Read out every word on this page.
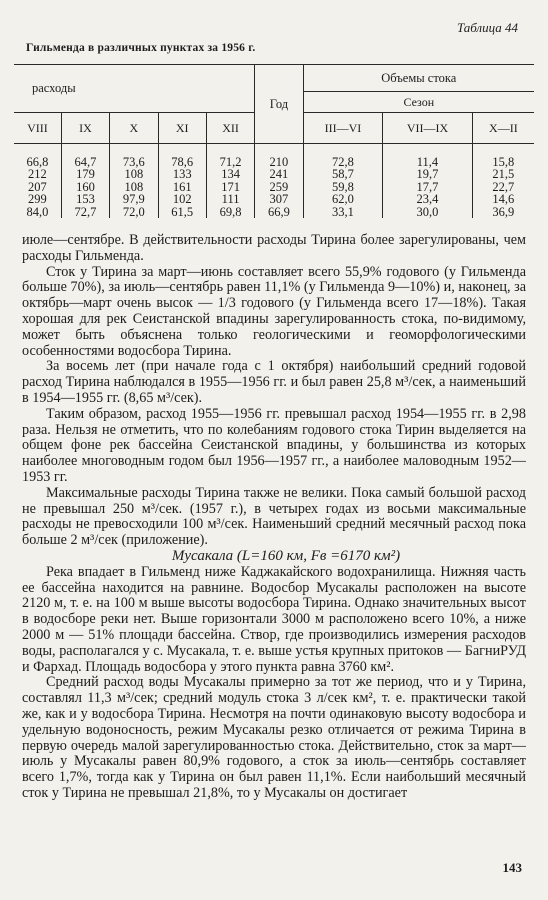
Таблица 44
Гильменда в различных пунктах за 1956 г.
расходы					Год	Объемы стока		
						Сезон		
VIII	IX	X	XI	XII		III—VI	VII—IX	X—II
66,8	64,7	73,6	78,6	71,2	210	72,8	11,4	15,8
212	179	108	133	134	241	58,7	19,7	21,5
207	160	108	161	171	259	59,8	17,7	22,7
299	153	97,9	102	111	307	62,0	23,4	14,6
84,0	72,7	72,0	61,5	69,8	66,9	33,1	30,0	36,9

июле—сентябре. В действительности расходы Тирина более зарегулированы, чем расходы Гильменда.

Сток у Тирина за март—июнь составляет всего 55,9% годового (у Гильменда больше 70%), за июль—сентябрь равен 11,1% (у Гильменда 9—10%) и, наконец, за октябрь—март очень высок — 1/3 годового (у Гильменда всего 17—18%). Такая хорошая для рек Сеистанской впадины зарегулированность стока, по-видимому, может быть объяснена только геологическими и геоморфологическими особенностями водосбора Тирина.

За восемь лет (при начале года с 1 октября) наибольший средний годовой расход Тирина наблюдался в 1955—1956 гг. и был равен 25,8 м³/сек, а наименьший в 1954—1955 гг. (8,65 м³/сек).

Таким образом, расход 1955—1956 гг. превышал расход 1954—1955 гг. в 2,98 раза. Нельзя не отметить, что по колебаниям годового стока Тирин выделяется на общем фоне рек бассейна Сеистанской впадины, у большинства из которых наиболее многоводным годом был 1956—1957 гг., а наиболее маловодным 1952—1953 гг.

Максимальные расходы Тирина также не велики. Пока самый большой расход не превышал 250 м³/сек. (1957 г.), в четырех годах из восьми максимальные расходы не превосходили 100 м³/сек. Наименьший средний месячный расход пока больше 2 м³/сек (приложение).

Мусакала (L=160 км, Fв =6170 км²)

Река впадает в Гильменд ниже Каджакайского водохранилища. Нижняя часть ее бассейна находится на равнине. Водосбор Мусакалы расположен на высоте 2120 м, т. е. на 100 м выше высоты водосбора Тирина. Однако значительных высот в водосборе реки нет. Выше горизонтали 3000 м расположено всего 10%, а ниже 2000 м — 51% площади бассейна. Створ, где производились измерения расходов воды, располагался у с. Мусакала, т. е. выше устья крупных притоков — БагниРУД и Фархад. Площадь водосбора у этого пункта равна 3760 км².

Средний расход воды Мусакалы примерно за тот же период, что и у Тирина, составлял 11,3 м³/сек; средний модуль стока 3 л/сек км², т. е. практически такой же, как и у водосбора Тирина. Несмотря на почти одинаковую высоту водосбора и удельную водоносность, режим Мусакалы резко отличается от режима Тирина в первую очередь малой зарегулированностью стока. Действительно, сток за март—июль у Мусакалы равен 80,9% годового, а сток за июль—сентябрь составляет всего 1,7%, тогда как у Тирина он был равен 11,1%. Если наибольший месячный сток у Тирина не превышал 21,8%, то у Мусакалы он достигает

143
